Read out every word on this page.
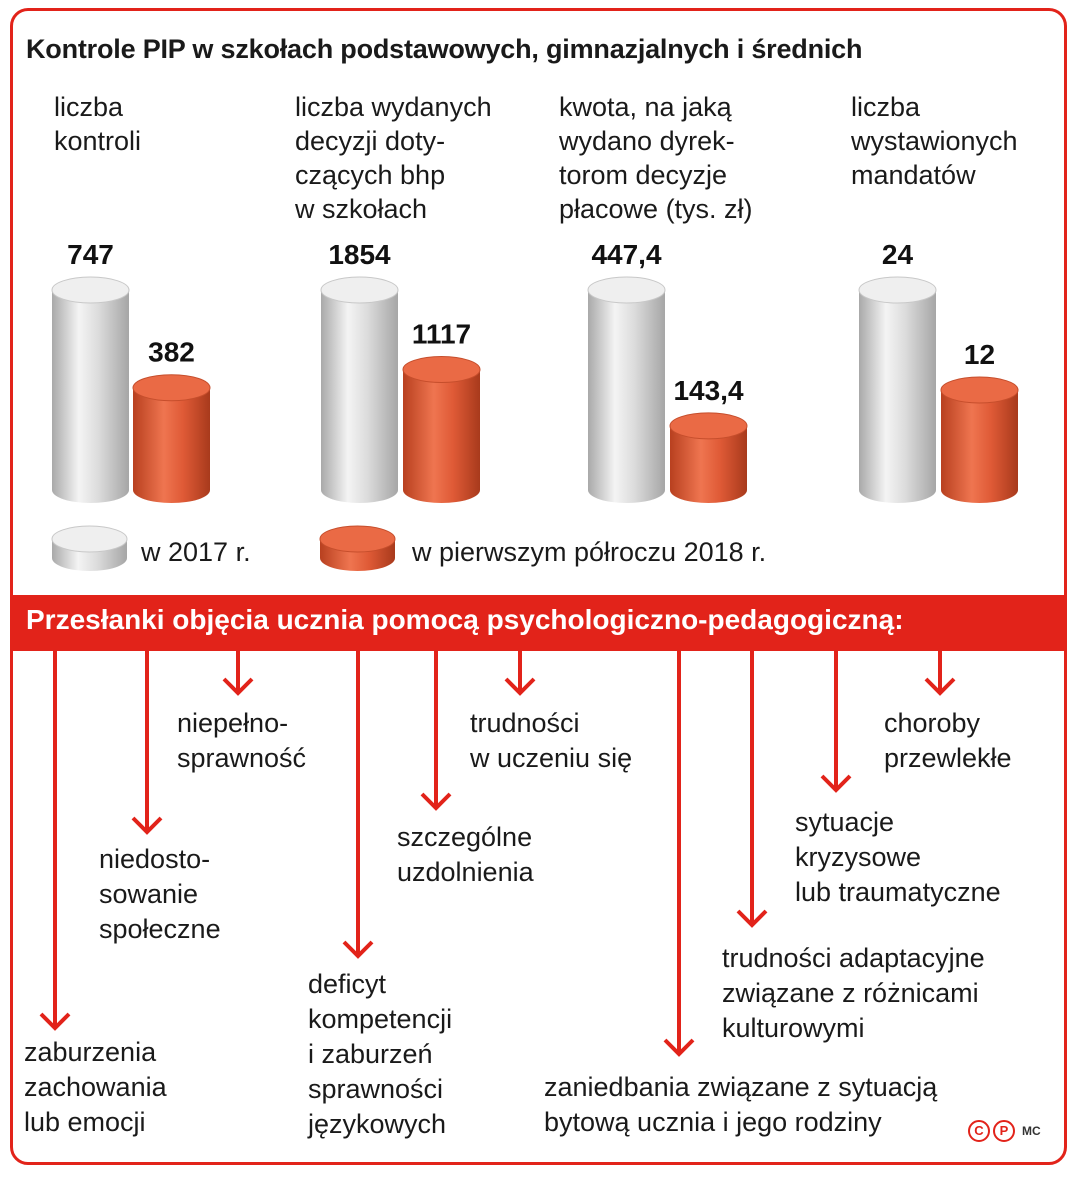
Kontrole PIP w szkołach podstawowych, gimnazjalnych i średnich
liczba
kontroli
liczba wydanych
decyzji doty-
czących bhp
w szkołach
kwota, na jaką
wydano dyrek-
torom decyzje
płacowe (tys. zł)
liczba
wystawionych
mandatów
747
382
1854
1117
447,4
143,4
24
12
w 2017 r.	w pierwszym półroczu 2018 r.
Przesłanki objęcia ucznia pomocą psychologiczno-pedagogiczną:
zaburzenia
zachowania
lub emocji
niedosto-
sowanie
społeczne
niepełno-
sprawność
deficyt
kompetencji
i zaburzeń
sprawności
językowych
szczególne
uzdolnienia
trudności
w uczeniu się
zaniedbania związane z sytuacją
bytową ucznia i jego rodziny
trudności adaptacyjne
związane z różnicami
kulturowymi
sytuacje
kryzysowe
lub traumatyczne
choroby
przewlekłe
C P MC
